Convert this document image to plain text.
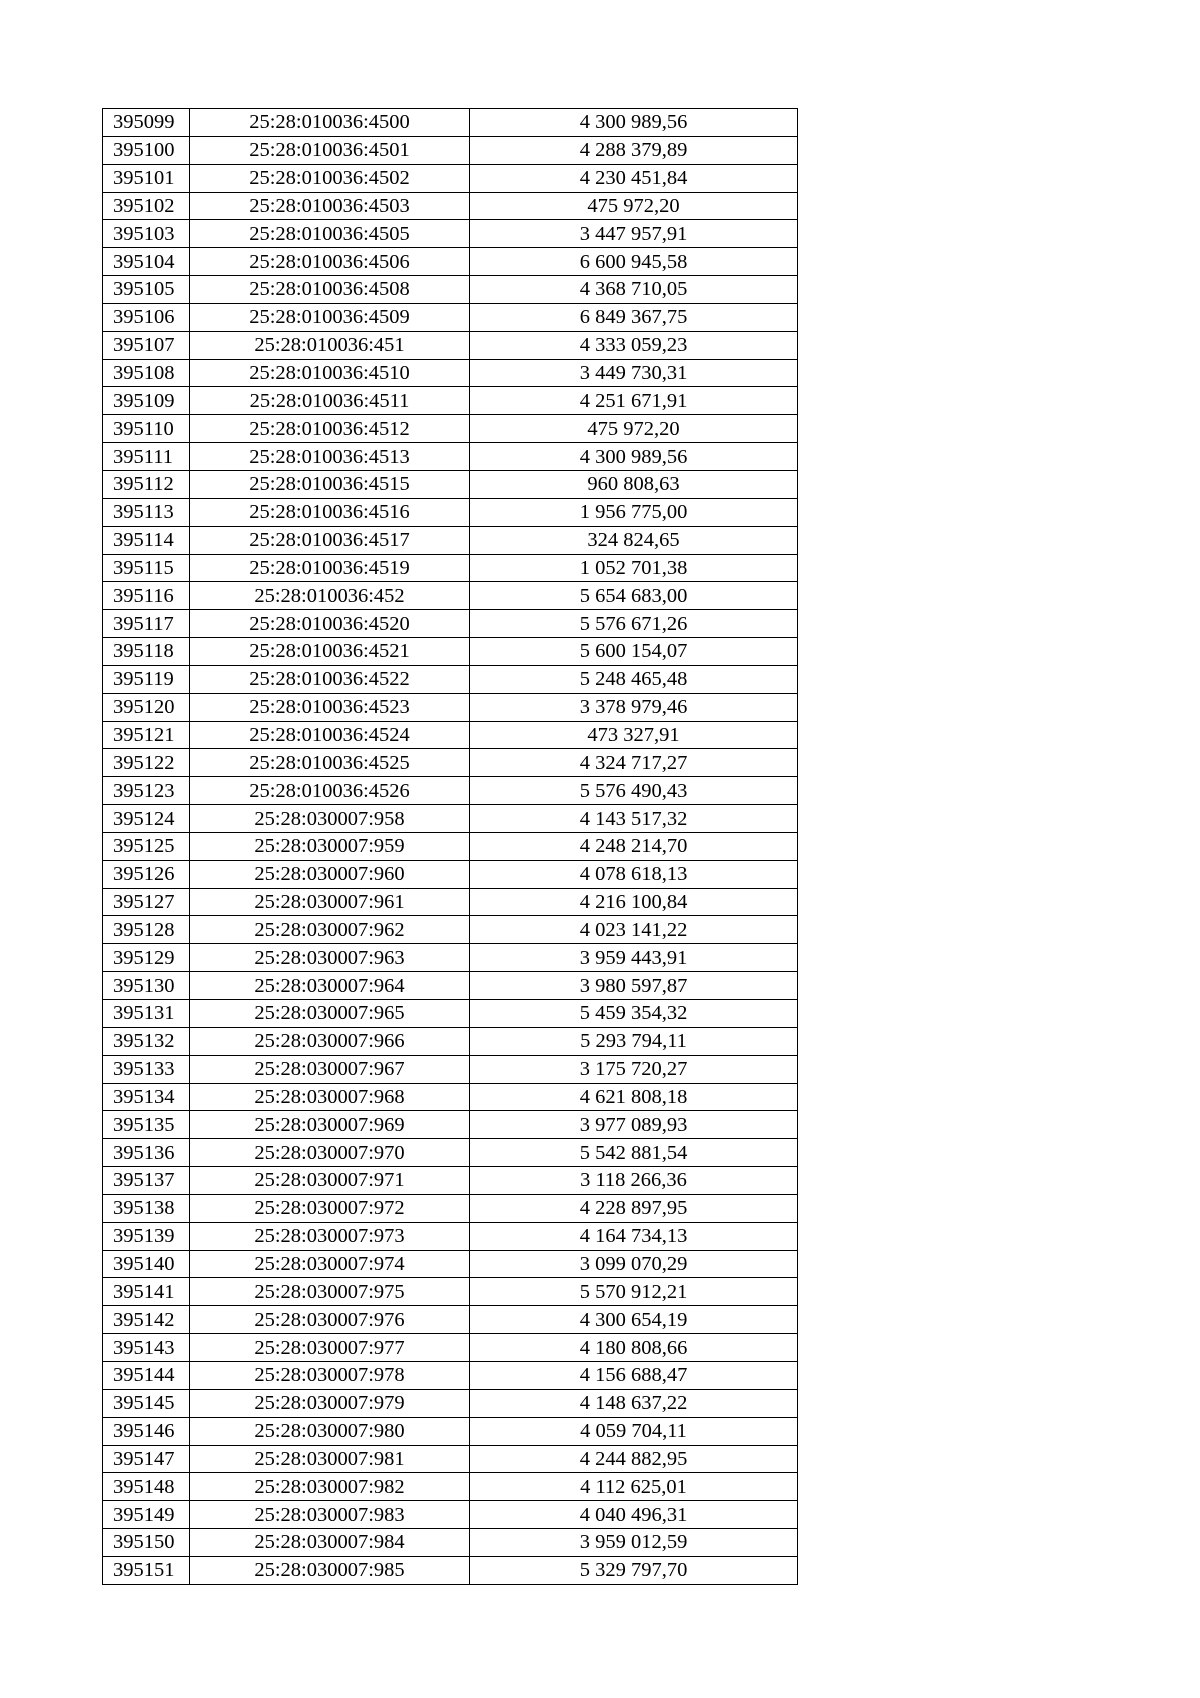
395099	25:28:010036:4500	4 300 989,56
395100	25:28:010036:4501	4 288 379,89
395101	25:28:010036:4502	4 230 451,84
395102	25:28:010036:4503	475 972,20
395103	25:28:010036:4505	3 447 957,91
395104	25:28:010036:4506	6 600 945,58
395105	25:28:010036:4508	4 368 710,05
395106	25:28:010036:4509	6 849 367,75
395107	25:28:010036:451	4 333 059,23
395108	25:28:010036:4510	3 449 730,31
395109	25:28:010036:4511	4 251 671,91
395110	25:28:010036:4512	475 972,20
395111	25:28:010036:4513	4 300 989,56
395112	25:28:010036:4515	960 808,63
395113	25:28:010036:4516	1 956 775,00
395114	25:28:010036:4517	324 824,65
395115	25:28:010036:4519	1 052 701,38
395116	25:28:010036:452	5 654 683,00
395117	25:28:010036:4520	5 576 671,26
395118	25:28:010036:4521	5 600 154,07
395119	25:28:010036:4522	5 248 465,48
395120	25:28:010036:4523	3 378 979,46
395121	25:28:010036:4524	473 327,91
395122	25:28:010036:4525	4 324 717,27
395123	25:28:010036:4526	5 576 490,43
395124	25:28:030007:958	4 143 517,32
395125	25:28:030007:959	4 248 214,70
395126	25:28:030007:960	4 078 618,13
395127	25:28:030007:961	4 216 100,84
395128	25:28:030007:962	4 023 141,22
395129	25:28:030007:963	3 959 443,91
395130	25:28:030007:964	3 980 597,87
395131	25:28:030007:965	5 459 354,32
395132	25:28:030007:966	5 293 794,11
395133	25:28:030007:967	3 175 720,27
395134	25:28:030007:968	4 621 808,18
395135	25:28:030007:969	3 977 089,93
395136	25:28:030007:970	5 542 881,54
395137	25:28:030007:971	3 118 266,36
395138	25:28:030007:972	4 228 897,95
395139	25:28:030007:973	4 164 734,13
395140	25:28:030007:974	3 099 070,29
395141	25:28:030007:975	5 570 912,21
395142	25:28:030007:976	4 300 654,19
395143	25:28:030007:977	4 180 808,66
395144	25:28:030007:978	4 156 688,47
395145	25:28:030007:979	4 148 637,22
395146	25:28:030007:980	4 059 704,11
395147	25:28:030007:981	4 244 882,95
395148	25:28:030007:982	4 112 625,01
395149	25:28:030007:983	4 040 496,31
395150	25:28:030007:984	3 959 012,59
395151	25:28:030007:985	5 329 797,70
